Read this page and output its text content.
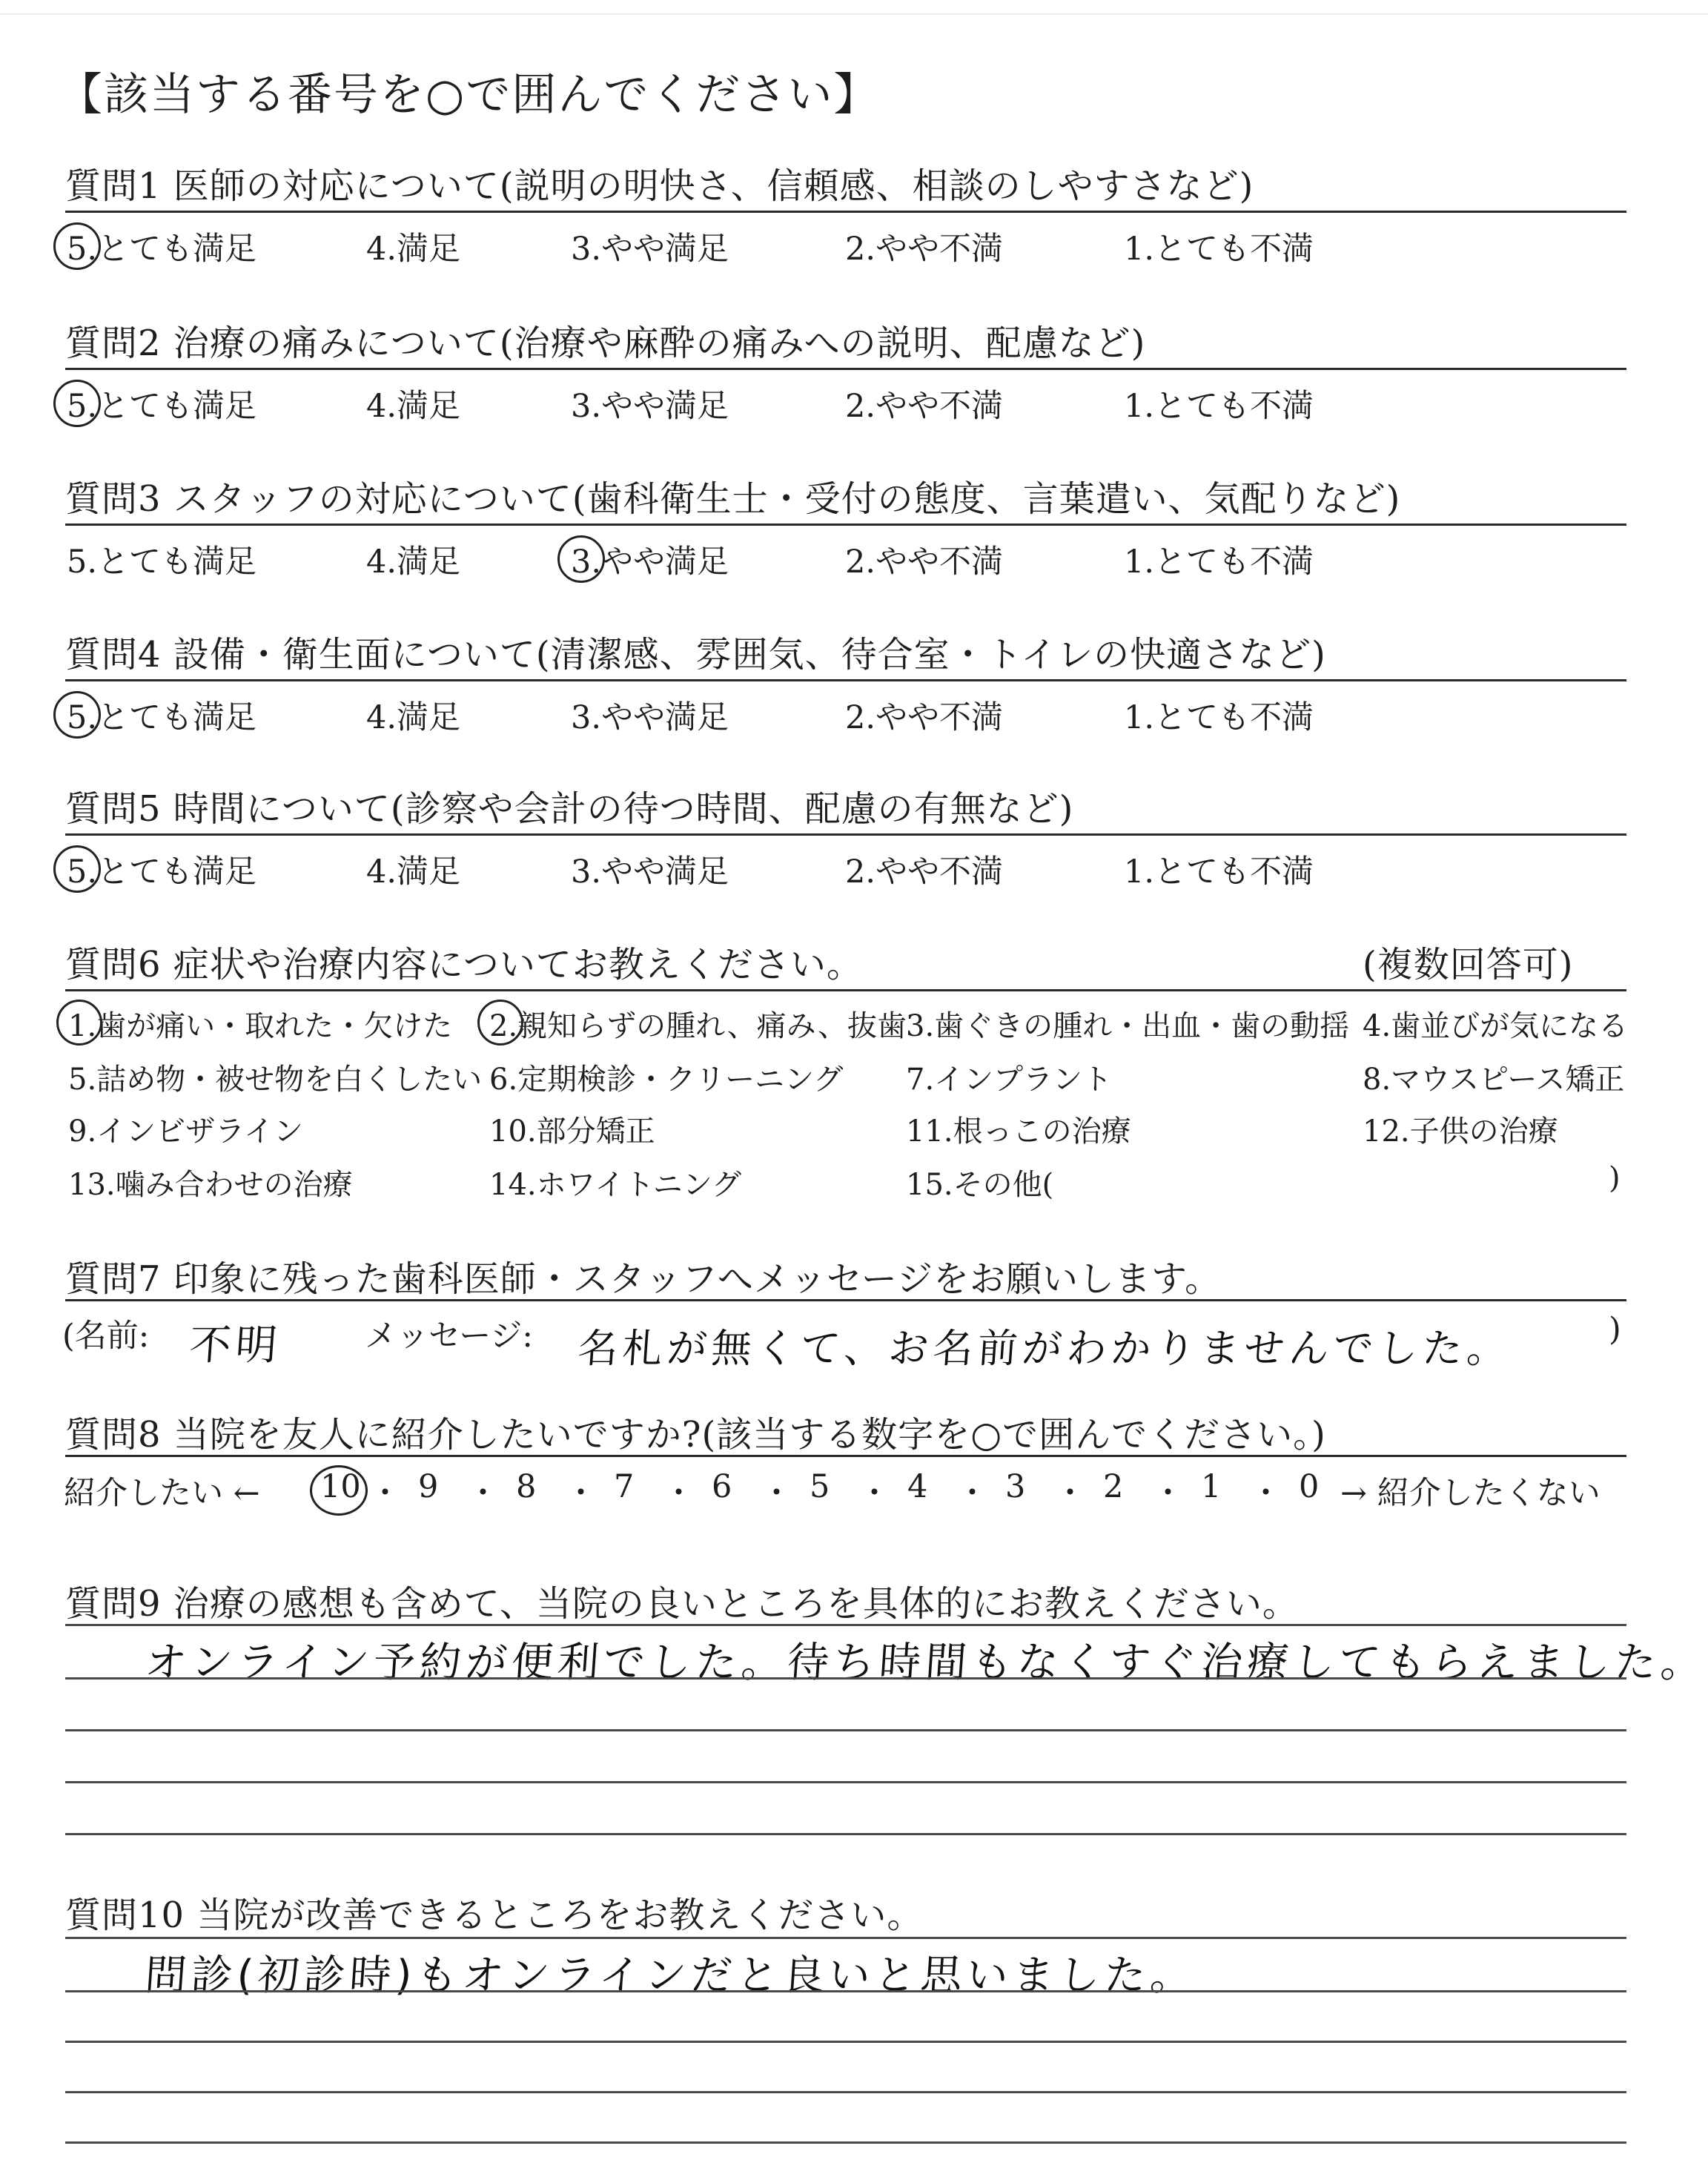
【該当する番号を○で囲んでください】
質問1 医師の対応について(説明の明快さ、信頼感、相談のしやすさなど)
5.とても満足	4.満足	3.やや満足	2.やや不満	1.とても不満
質問2 治療の痛みについて(治療や麻酔の痛みへの説明、配慮など)
5.とても満足	4.満足	3.やや満足	2.やや不満	1.とても不満
質問3 スタッフの対応について(歯科衛生士・受付の態度、言葉遣い、気配りなど)
5.とても満足	4.満足	3.やや満足	2.やや不満	1.とても不満
質問4 設備・衛生面について(清潔感、雰囲気、待合室・トイレの快適さなど)
5.とても満足	4.満足	3.やや満足	2.やや不満	1.とても不満
質問5 時間について(診察や会計の待つ時間、配慮の有無など)
5.とても満足	4.満足	3.やや満足	2.やや不満	1.とても不満
質問6 症状や治療内容についてお教えください。	(複数回答可)
1.歯が痛い・取れた・欠けた 2.親知らずの腫れ、痛み、抜歯 3.歯ぐきの腫れ・出血・歯の動揺 4.歯並びが気になる
5.詰め物・被せ物を白くしたい 6.定期検診・クリーニング 7.インプラント	8.マウスピース矯正
9.インビザライン	10.部分矯正	11.根っこの治療	12.子供の治療
13.噛み合わせの治療	14.ホワイトニング	15.その他(	)
質問7 印象に残った歯科医師・スタッフへメッセージをお願いします。
(名前: 不明	メッセージ: 名札が無くて、お名前がわかりませんでした。	)
質問8 当院を友人に紹介したいですか?(該当する数字を○で囲んでください。)
紹介したい ← 10 ・ 9 ・ 8 ・ 7 ・ 6 ・ 5 ・ 4 ・ 3 ・ 2 ・ 1 ・ 0 → 紹介したくない
質問9 治療の感想も含めて、当院の良いところを具体的にお教えください。
オンライン予約が便利でした。待ち時間もなくすぐ治療してもらえました。
質問10 当院が改善できるところをお教えください。
問診(初診時)もオンラインだと良いと思いました。
